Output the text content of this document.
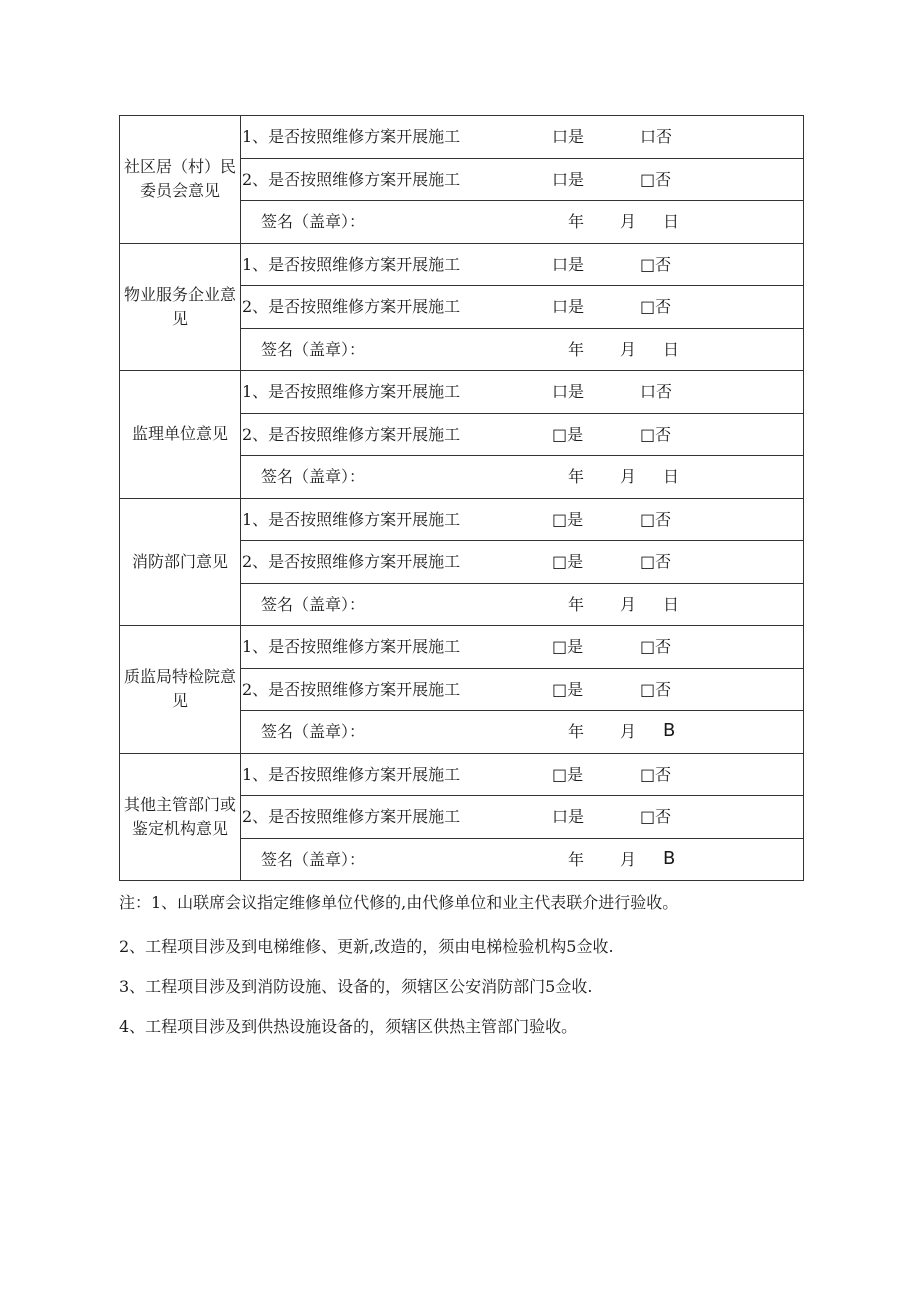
社区居（村）民委员会意见	1、是否按照维修方案开展施工 口是 口否

	2、是否按照维修方案开展施工 口是 □否

	签名（盖章）： 年 月 日

物业服务企业意见	1、是否按照维修方案开展施工 口是 □否

	2、是否按照维修方案开展施工 口是 □否

	签名（盖章）： 年 月 日

监理单位意见	1、是否按照维修方案开展施工 口是 口否

	2、是否按照维修方案开展施工 □是 □否

	签名（盖章）： 年 月 日

消防部门意见	1、是否按照维修方案开展施工 □是 □否

	2、是否按照维修方案开展施工 □是 □否

	签名（盖章）： 年 月 日

质监局特检院意见	1、是否按照维修方案开展施工 □是 □否

	2、是否按照维修方案开展施工 □是 □否

	签名（盖章）： 年 月 B

其他主管部门或鉴定机构意见	1、是否按照维修方案开展施工 □是 □否

	2、是否按照维修方案开展施工 口是 □否

	签名（盖章）： 年 月 B

注：1、山联席会议指定维修单位代修的,由代修单位和业主代表联介进行验收。

2、工程项目涉及到电梯维修、更新,改造的，须由电梯检验机构5佥收.

3、工程项目涉及到消防设施、设备的，须辖区公安消防部门5佥收.

4、工程项目涉及到供热设施设备的，须辖区供热主管部门验收。
